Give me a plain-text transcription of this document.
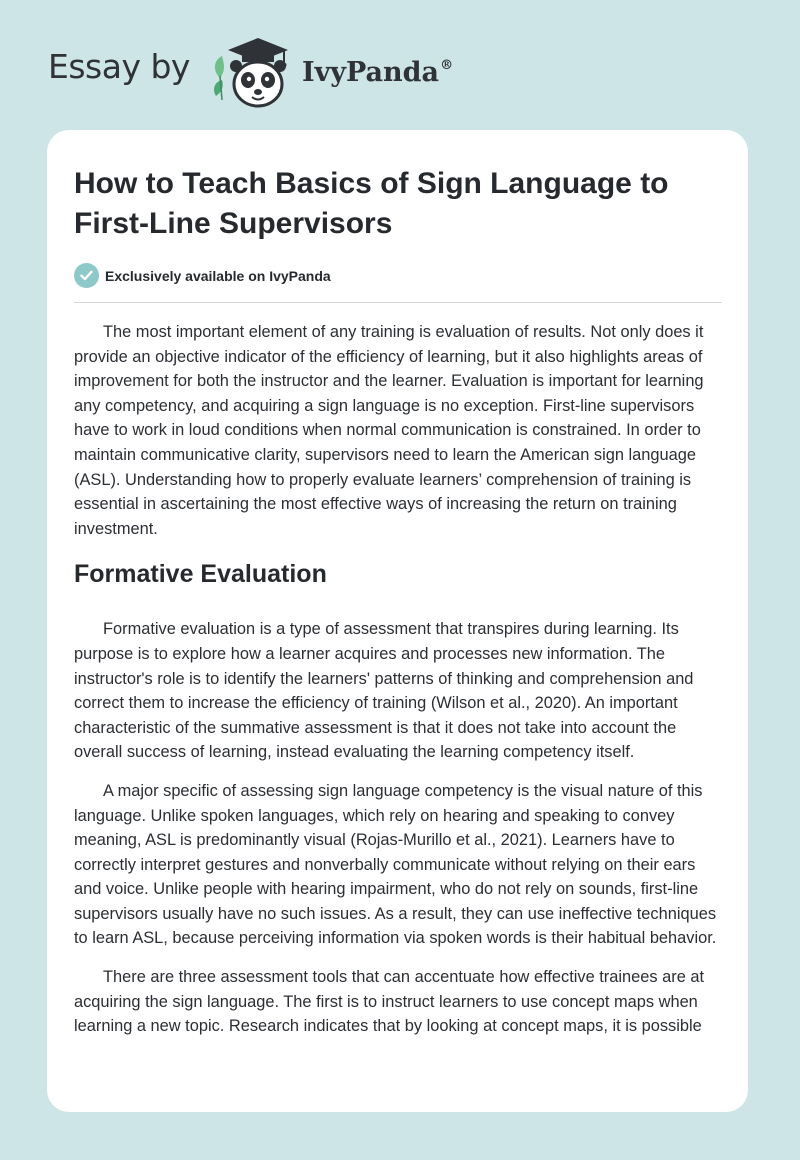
Essay by	IvyPanda®
How to Teach Basics of Sign Language to First-Line Supervisors
Exclusively available on IvyPanda

The most important element of any training is evaluation of results. Not only does it provide an objective indicator of the efficiency of learning, but it also highlights areas of improvement for both the instructor and the learner. Evaluation is important for learning any competency, and acquiring a sign language is no exception. First-line supervisors have to work in loud conditions when normal communication is constrained. In order to maintain communicative clarity, supervisors need to learn the American sign language (ASL). Understanding how to properly evaluate learners’ comprehension of training is essential in ascertaining the most effective ways of increasing the return on training investment.

Formative Evaluation

Formative evaluation is a type of assessment that transpires during learning. Its purpose is to explore how a learner acquires and processes new information. The instructor's role is to identify the learners' patterns of thinking and comprehension and correct them to increase the efficiency of training (Wilson et al., 2020). An important characteristic of the summative assessment is that it does not take into account the overall success of learning, instead evaluating the learning competency itself.

A major specific of assessing sign language competency is the visual nature of this language. Unlike spoken languages, which rely on hearing and speaking to convey meaning, ASL is predominantly visual (Rojas-Murillo et al., 2021). Learners have to correctly interpret gestures and nonverbally communicate without relying on their ears and voice. Unlike people with hearing impairment, who do not rely on sounds, first-line supervisors usually have no such issues. As a result, they can use ineffective techniques to learn ASL, because perceiving information via spoken words is their habitual behavior.

There are three assessment tools that can accentuate how effective trainees are at acquiring the sign language. The first is to instruct learners to use concept maps when learning a new topic. Research indicates that by looking at concept maps, it is possible
